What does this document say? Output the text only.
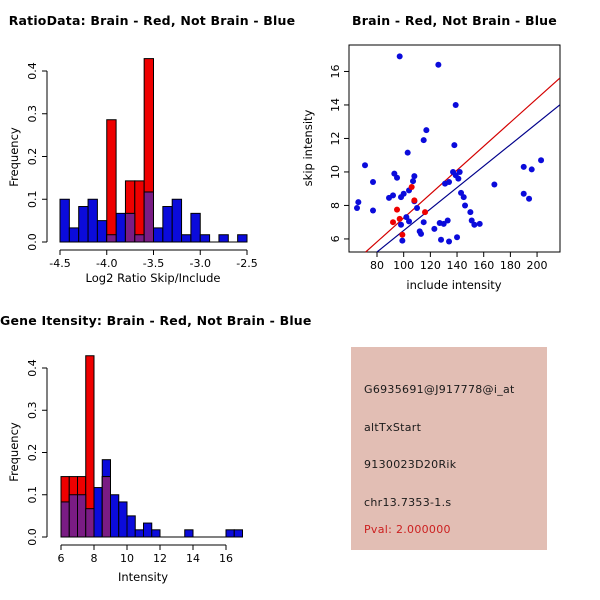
RatioData: Brain - Red, Not Brain - Blue
-4.5 -4.0 -3.5 -3.0 -2.5
0.0
0.1
0.2
0.3
0.4
Frequency
Log2 Ratio Skip/Include
Brain - Red, Not Brain - Blue
80 100 120 140 160 180 200
6
8
10
12
14
16
skip intensity
include intensity
Gene Itensity: Brain - Red, Not Brain - Blue
6 8 10 12 14 16
0.0
0.1
0.2
0.3
0.4
Frequency
Intensity
G6935691@J917778@i_at
altTxStart
9130023D20Rik
chr13.7353-1.s
Pval: 2.000000
